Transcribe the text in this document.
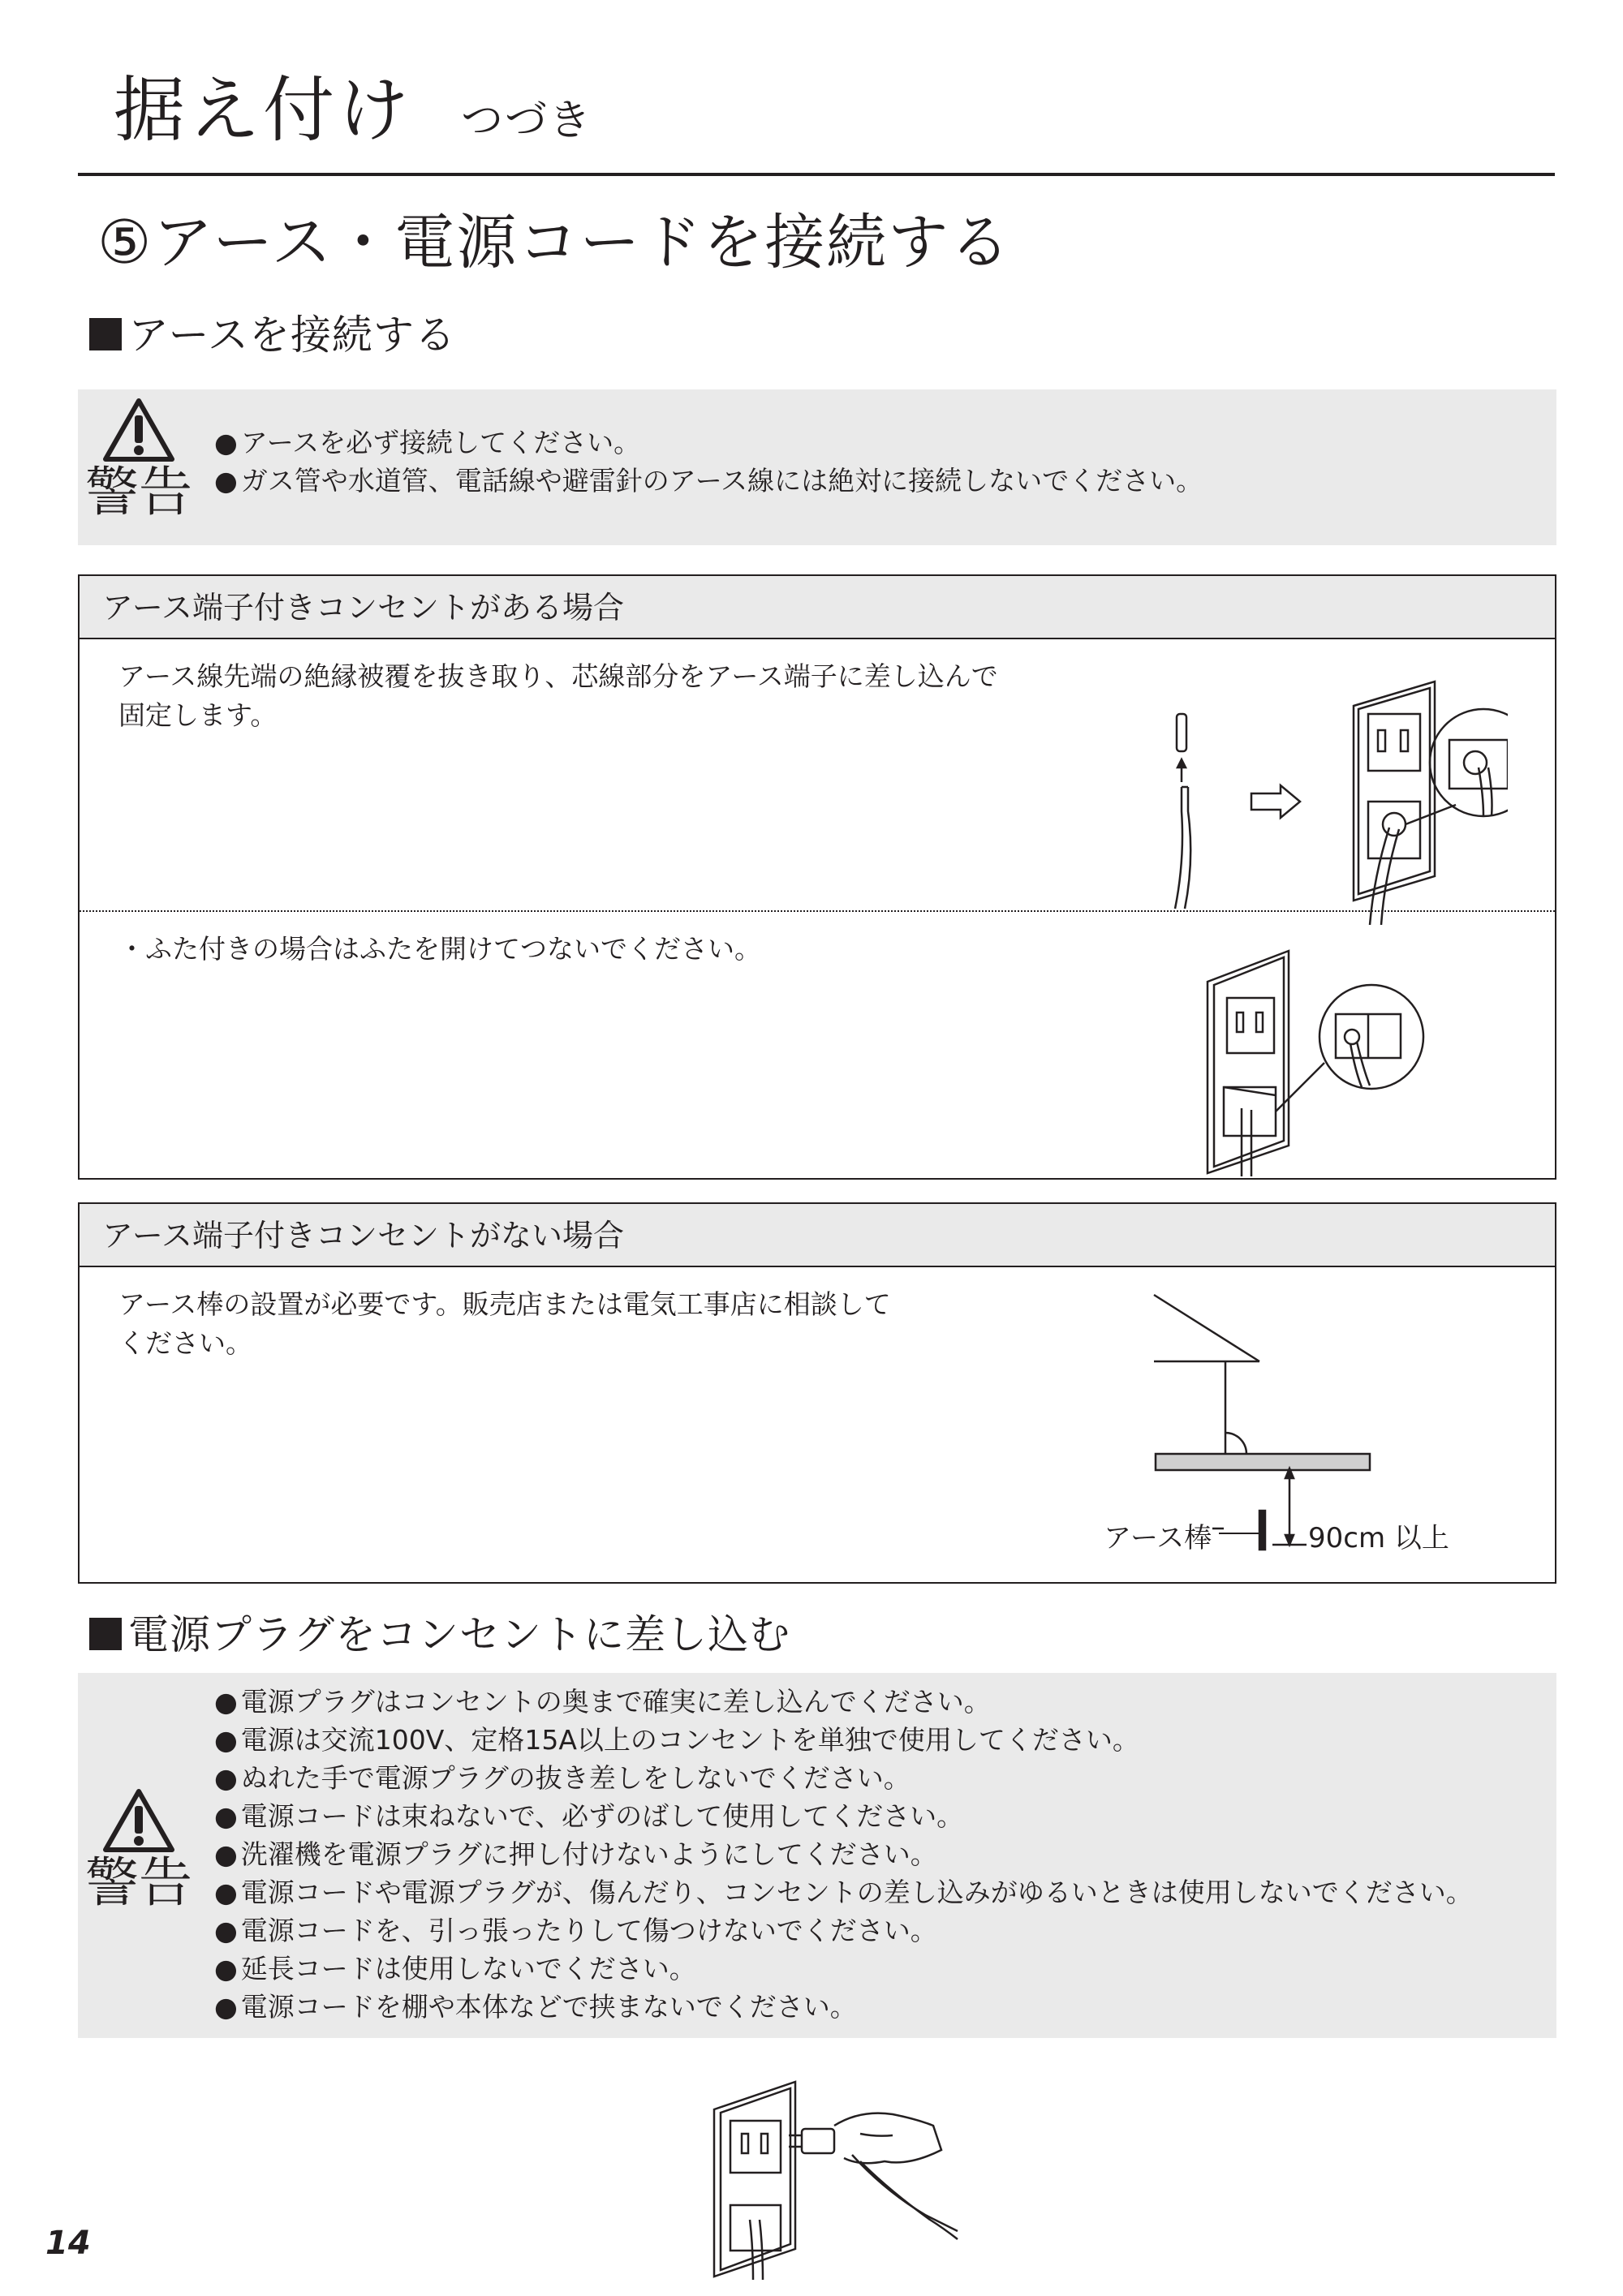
据え付け つづき
⑤アース・電源コードを接続する
アースを接続する
警告
● アースを必ず接続してください。
● ガス管や水道管、電話線や避雷針のアース線には絶対に接続しないでください。
アース端子付きコンセントがある場合
アース線先端の絶縁被覆を抜き取り、芯線部分をアース端子に差し込んで
固定します。
・ふた付きの場合はふたを開けてつないでください。
アース端子付きコンセントがない場合
アース棒の設置が必要です。販売店または電気工事店に相談して
ください。
アース棒	90cm 以上
電源プラグをコンセントに差し込む
警告
● 電源プラグはコンセントの奥まで確実に差し込んでください。
● 電源は交流100V、定格15A以上のコンセントを単独で使用してください。
● ぬれた手で電源プラグの抜き差しをしないでください。
● 電源コードは束ねないで、必ずのばして使用してください。
● 洗濯機を電源プラグに押し付けないようにしてください。
● 電源コードや電源プラグが、傷んだり、コンセントの差し込みがゆるいときは使用しないでください。
● 電源コードを、引っ張ったりして傷つけないでください。
● 延長コードは使用しないでください。
● 電源コードを棚や本体などで挟まないでください。
14
